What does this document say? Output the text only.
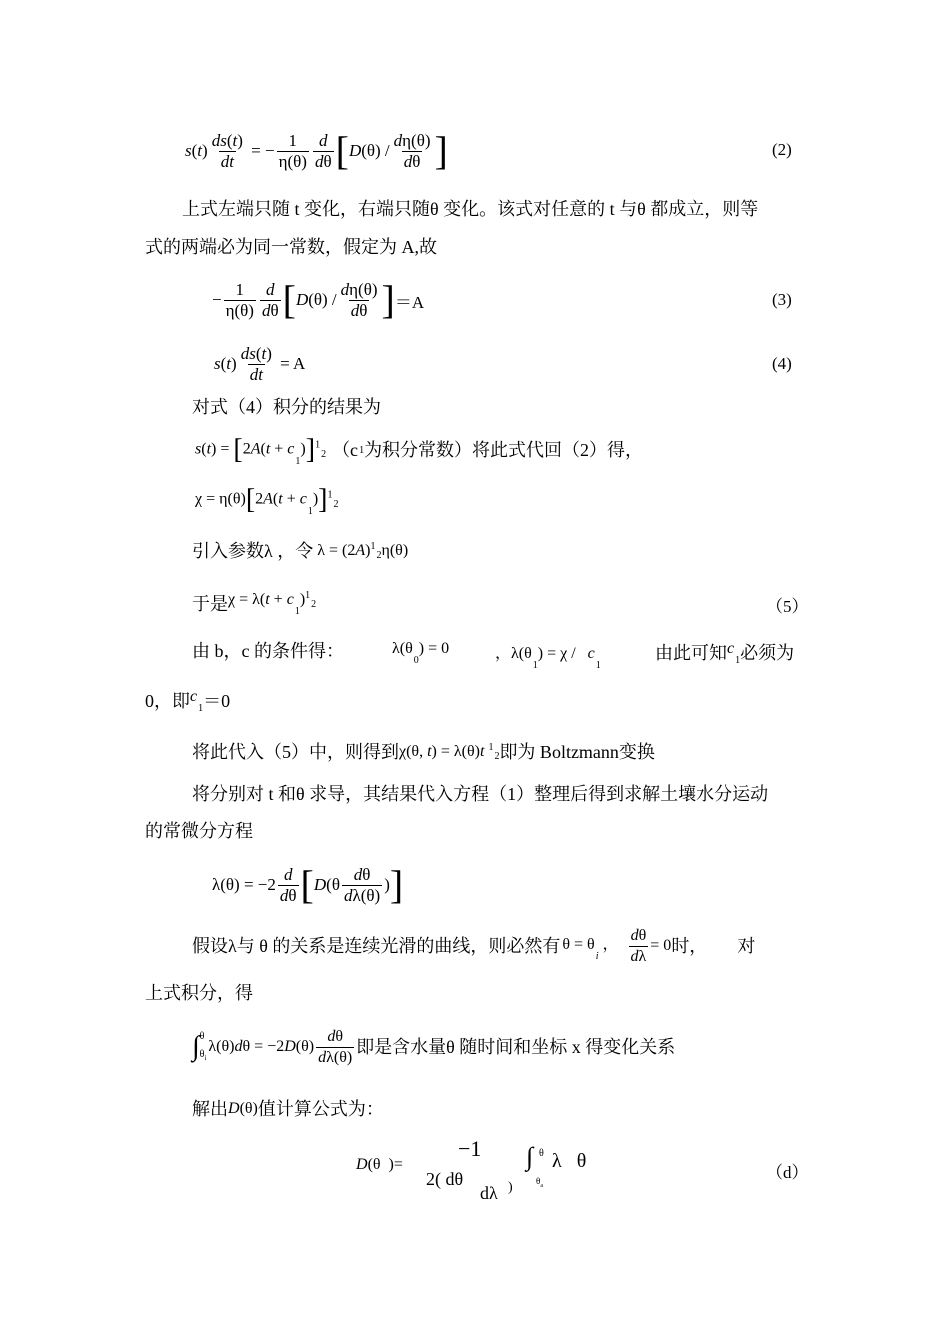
$s(t) \frac{ds(t)}{dt}$ = − $\frac{1}{\eta(\theta)} \frac{d}{d\theta}$ [ $D(\theta) / \frac{d\eta(\theta)}{d\theta}$ ]	(2)
上式左端只随 t 变化，右端只随θ 变化。该式对任意的 t 与θ 都成立，则等
式的两端必为同一常数，假定为 A,故
− $\frac{1}{\eta(\theta)} \frac{d}{d\theta}$ [ $D(\theta) / \frac{d\eta(\theta)}{d\theta}$ ] ＝A	(3)
$s(t) \frac{ds(t)}{dt} = A$	(4)
对式（4）积分的结果为
$s(t) = [2A(t + c_1)]^1_2$ （c 1 为积分常数）将此式代回（2）得，
$\chi = \eta(\theta)[2A(t + c_1)]^1_2$
引入参数λ ，令 $\lambda = (2A)^1_2\eta(\theta)$
于是 $\chi = \lambda(t + c_1)^1_2$	（5）
由 b，c 的条件得：	$\lambda(\theta_0) = 0$	，$\lambda(\theta_1) = \chi / c_1$
由此可知 $c_1$ 必须为
0，即 $c_1 =0$
将此代入（5）中，则得到 χ(θ, t) = λ(θ)t $^1_2$ 即为 Boltzmann变换
将分别对 t 和θ 求导，其结果代入方程（1）整理后得到求解土壤水分运动
的常微分方程
$\lambda(\theta) = -2 \frac{d}{d\theta}$ [ $D(\theta \frac{d\theta}{d\lambda(\theta)}$ ) ]
假设λ与 θ 的关系是连续光滑的曲线，则必然有 $\theta = \theta_i$ ， $\frac{d\theta}{d\lambda} = 0$ 时， 对
上式积分，得
∫ θ
$\theta_i$
$\lambda(\theta)d\theta = -2D(\theta) \frac{d\theta}{d\lambda(\theta)}$ 即是含水量θ 随时间和坐标 x 得变化关系
解出 D(θ) 值计算公式为：
D(θ  )=
−1
2( dθ
dλ )
∫ θ
$\theta_a$
λ   θ
（d）
